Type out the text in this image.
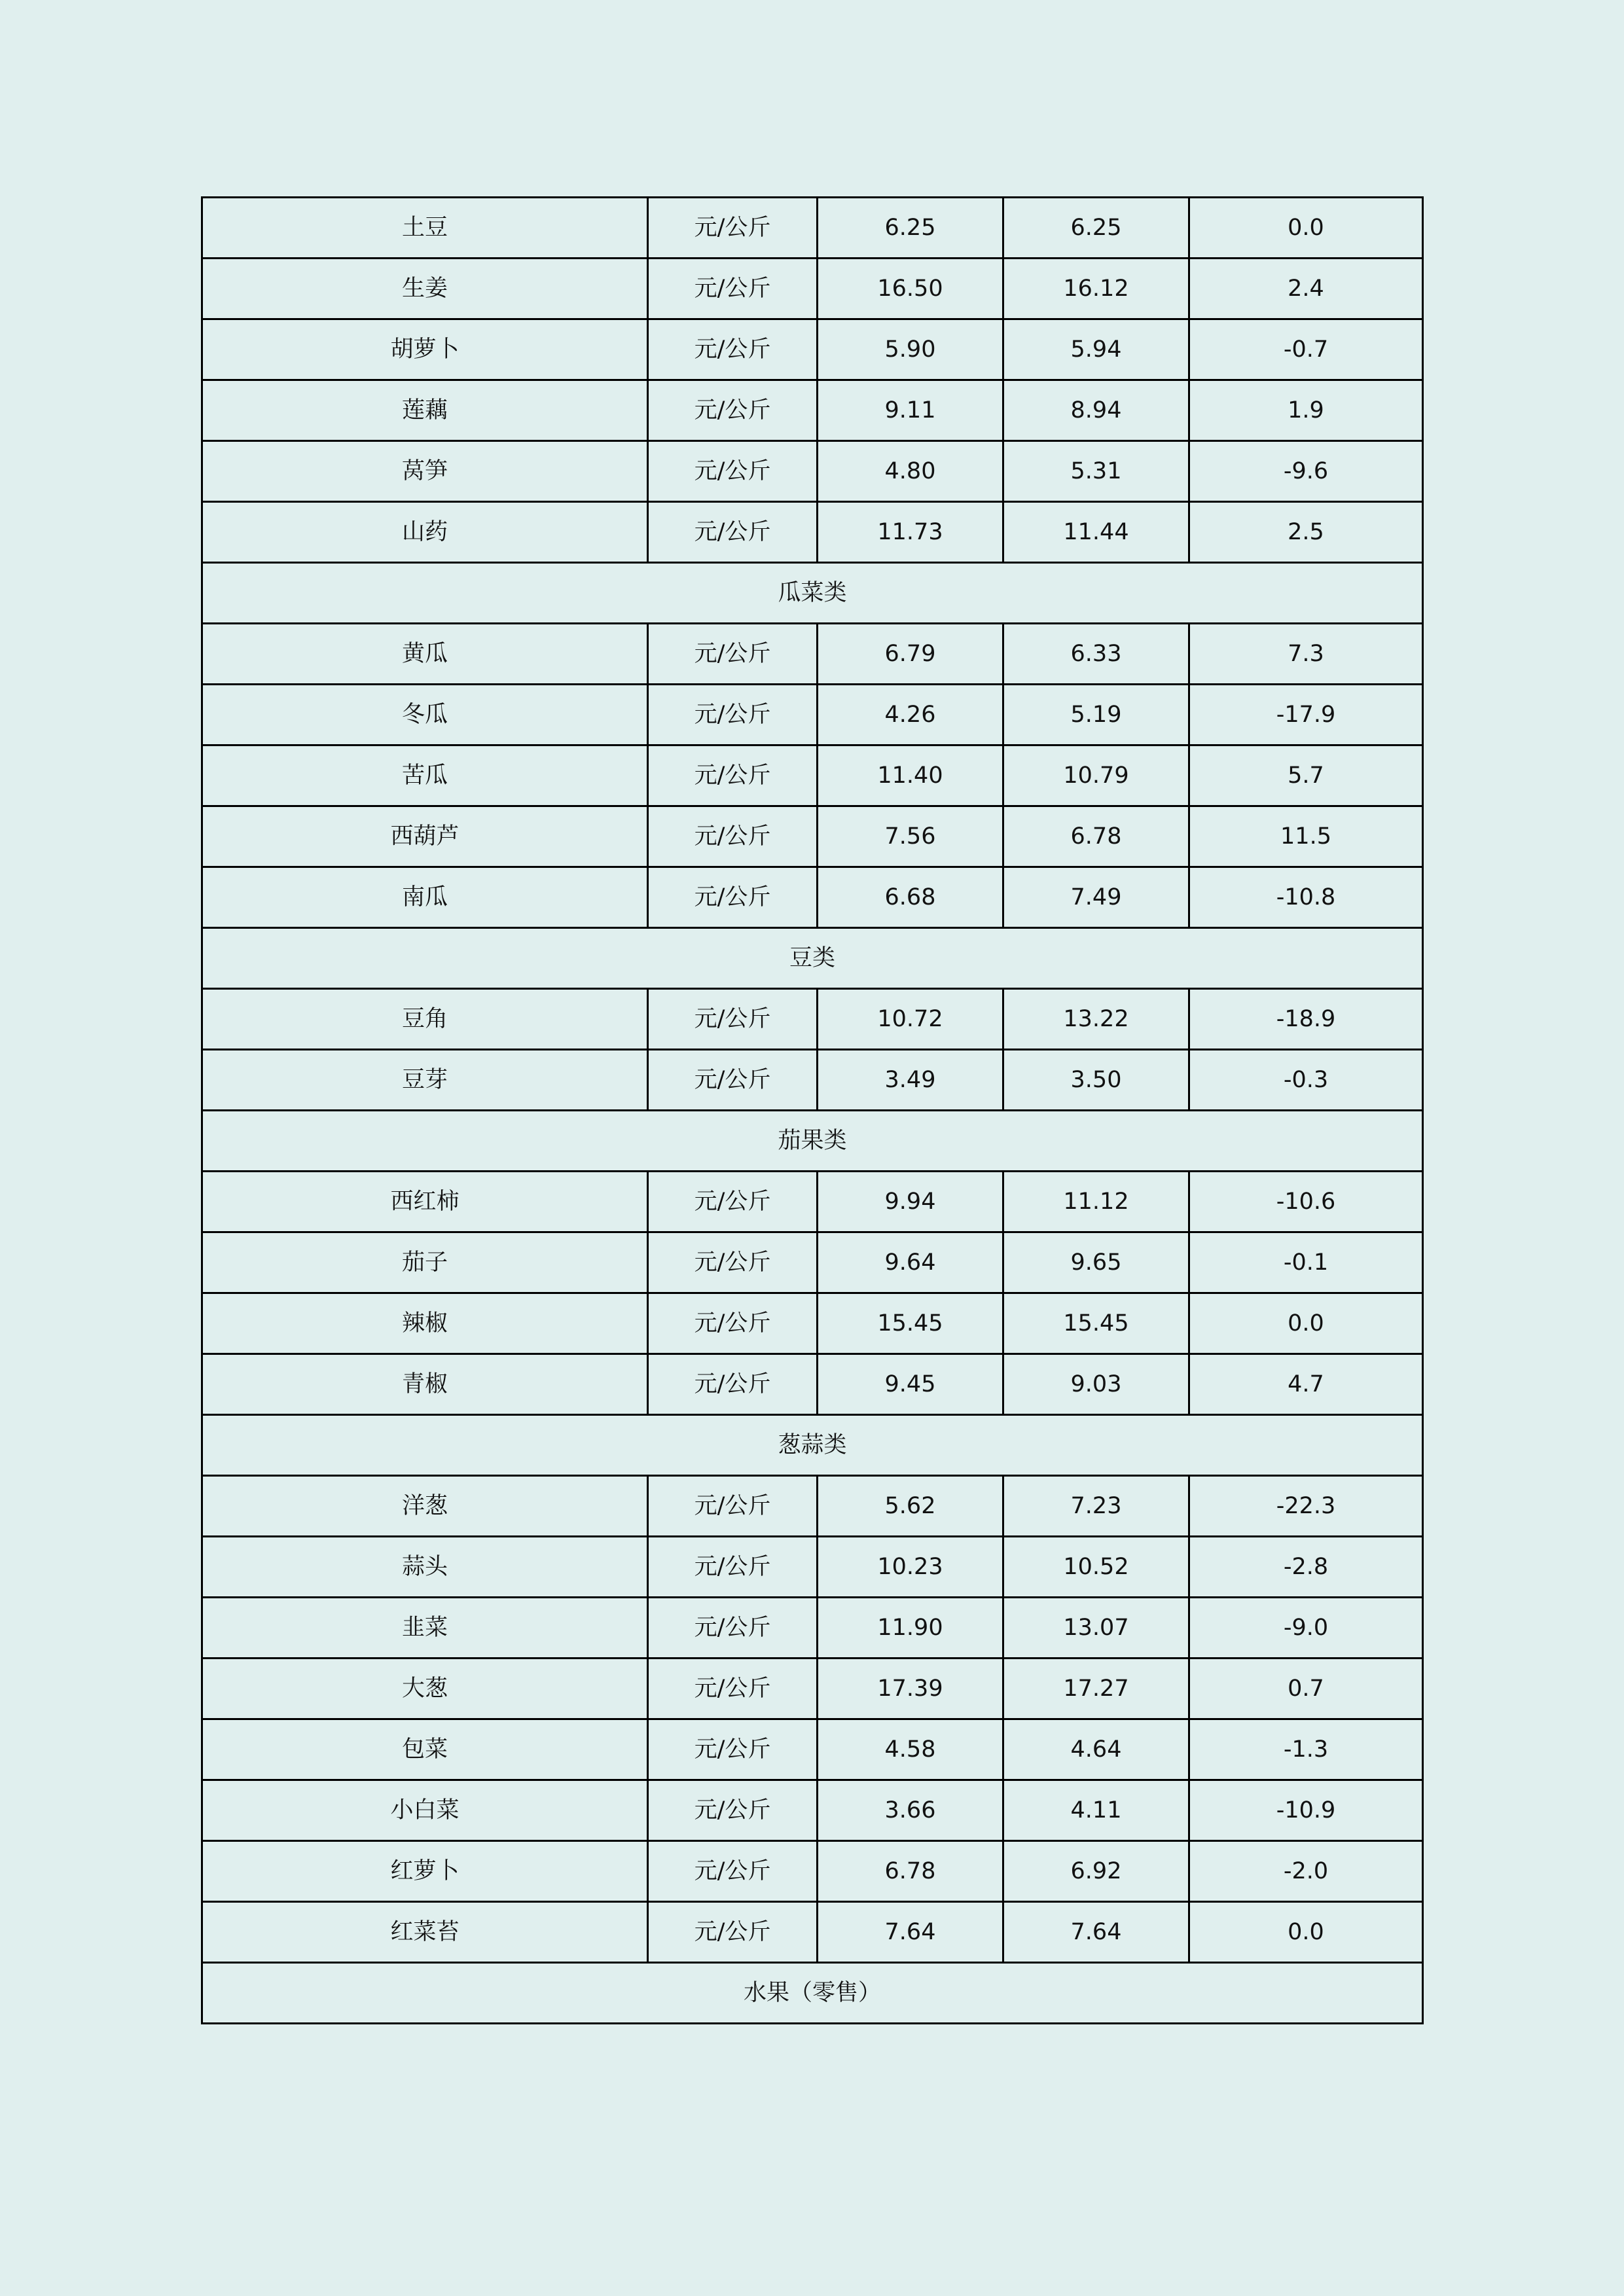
土豆	元/公斤	6.25	6.25	0.0
生姜	元/公斤	16.50	16.12	2.4
胡萝卜	元/公斤	5.90	5.94	-0.7
莲藕	元/公斤	9.11	8.94	1.9
莴笋	元/公斤	4.80	5.31	-9.6
山药	元/公斤	11.73	11.44	2.5
瓜菜类				
黄瓜	元/公斤	6.79	6.33	7.3
冬瓜	元/公斤	4.26	5.19	-17.9
苦瓜	元/公斤	11.40	10.79	5.7
西葫芦	元/公斤	7.56	6.78	11.5
南瓜	元/公斤	6.68	7.49	-10.8
豆类				
豆角	元/公斤	10.72	13.22	-18.9
豆芽	元/公斤	3.49	3.50	-0.3
茄果类				
西红柿	元/公斤	9.94	11.12	-10.6
茄子	元/公斤	9.64	9.65	-0.1
辣椒	元/公斤	15.45	15.45	0.0
青椒	元/公斤	9.45	9.03	4.7
葱蒜类				
洋葱	元/公斤	5.62	7.23	-22.3
蒜头	元/公斤	10.23	10.52	-2.8
韭菜	元/公斤	11.90	13.07	-9.0
大葱	元/公斤	17.39	17.27	0.7
包菜	元/公斤	4.58	4.64	-1.3
小白菜	元/公斤	3.66	4.11	-10.9
红萝卜	元/公斤	6.78	6.92	-2.0
红菜苔	元/公斤	7.64	7.64	0.0
水果（零售）				
